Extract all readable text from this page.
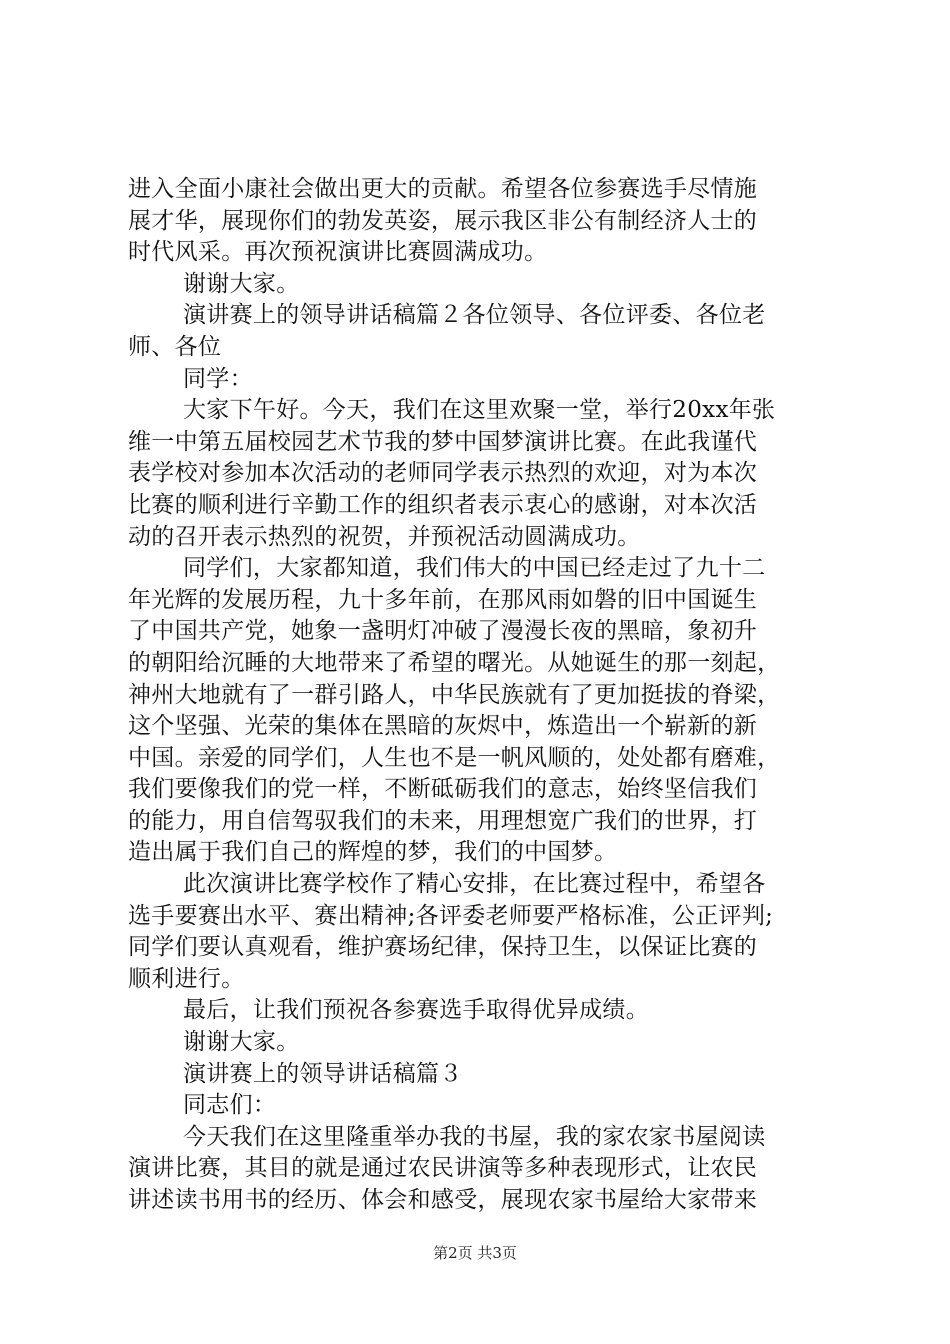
进入全面小康社会做出更大的贡献。希望各位参赛选手尽情施
展才华，展现你们的勃发英姿，展示我区非公有制经济人士的
时代风采。再次预祝演讲比赛圆满成功。
谢谢大家。
演讲赛上的领导讲话稿篇２各位领导、各位评委、各位老
师、各位
同学：
大家下午好。今天，我们在这里欢聚一堂，举行20xx年张
维一中第五届校园艺术节我的梦中国梦演讲比赛。在此我谨代
表学校对参加本次活动的老师同学表示热烈的欢迎，对为本次
比赛的顺利进行辛勤工作的组织者表示衷心的感谢，对本次活
动的召开表示热烈的祝贺，并预祝活动圆满成功。
同学们，大家都知道，我们伟大的中国已经走过了九十二
年光辉的发展历程，九十多年前，在那风雨如磐的旧中国诞生
了中国共产党，她象一盏明灯冲破了漫漫长夜的黑暗，象初升
的朝阳给沉睡的大地带来了希望的曙光。从她诞生的那一刻起，
神州大地就有了一群引路人，中华民族就有了更加挺拔的脊梁，
这个坚强、光荣的集体在黑暗的灰烬中，炼造出一个崭新的新
中国。亲爱的同学们，人生也不是一帆风顺的，处处都有磨难，
我们要像我们的党一样，不断砥砺我们的意志，始终坚信我们
的能力，用自信驾驭我们的未来，用理想宽广我们的世界，打
造出属于我们自己的辉煌的梦，我们的中国梦。
此次演讲比赛学校作了精心安排，在比赛过程中，希望各
选手要赛出水平、赛出精神;各评委老师要严格标准，公正评判;
同学们要认真观看，维护赛场纪律，保持卫生，以保证比赛的
顺利进行。
最后，让我们预祝各参赛选手取得优异成绩。
谢谢大家。
演讲赛上的领导讲话稿篇３
同志们：
今天我们在这里隆重举办我的书屋，我的家农家书屋阅读
演讲比赛，其目的就是通过农民讲演等多种表现形式，让农民
讲述读书用书的经历、体会和感受，展现农家书屋给大家带来
第2页 共3页
